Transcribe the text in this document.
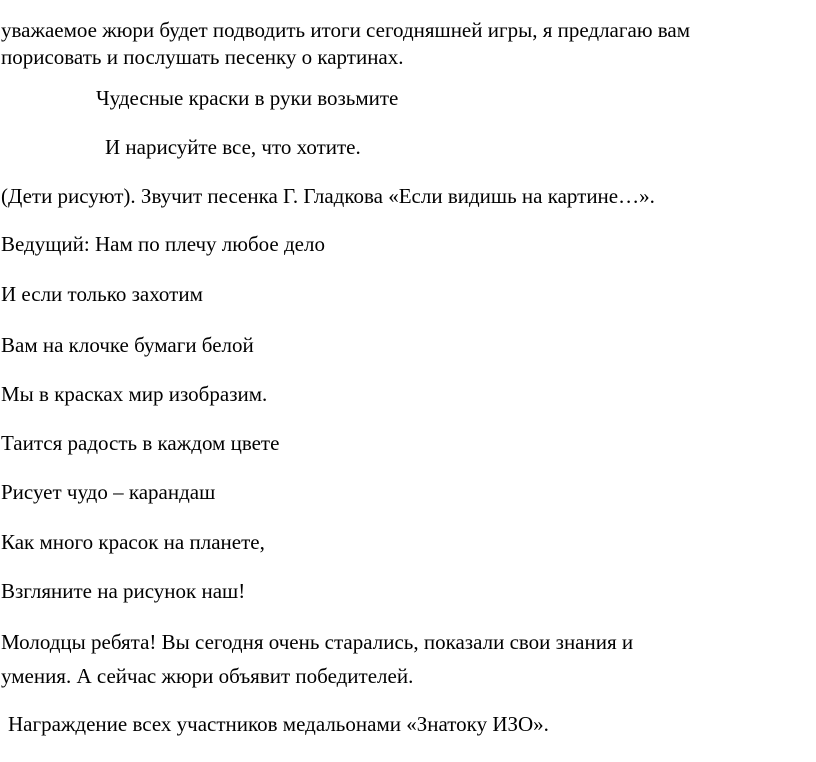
уважаемое жюри будет подводить итоги сегодняшней игры, я предлагаю вам
порисовать и послушать песенку о картинах.
Чудесные краски в руки возьмите
И нарисуйте все, что хотите.
(Дети рисуют). Звучит песенка Г. Гладкова «Если видишь на картине…».
Ведущий: Нам по плечу любое дело
И если только захотим
Вам на клочке бумаги белой
Мы в красках мир изобразим.
Таится радость в каждом цвете
Рисует чудо – карандаш
Как много красок на планете,
Взгляните на рисунок наш!
Молодцы ребята! Вы сегодня очень старались, показали свои знания и
умения. А сейчас жюри объявит победителей.
Награждение всех участников медальонами «Знатоку ИЗО».
